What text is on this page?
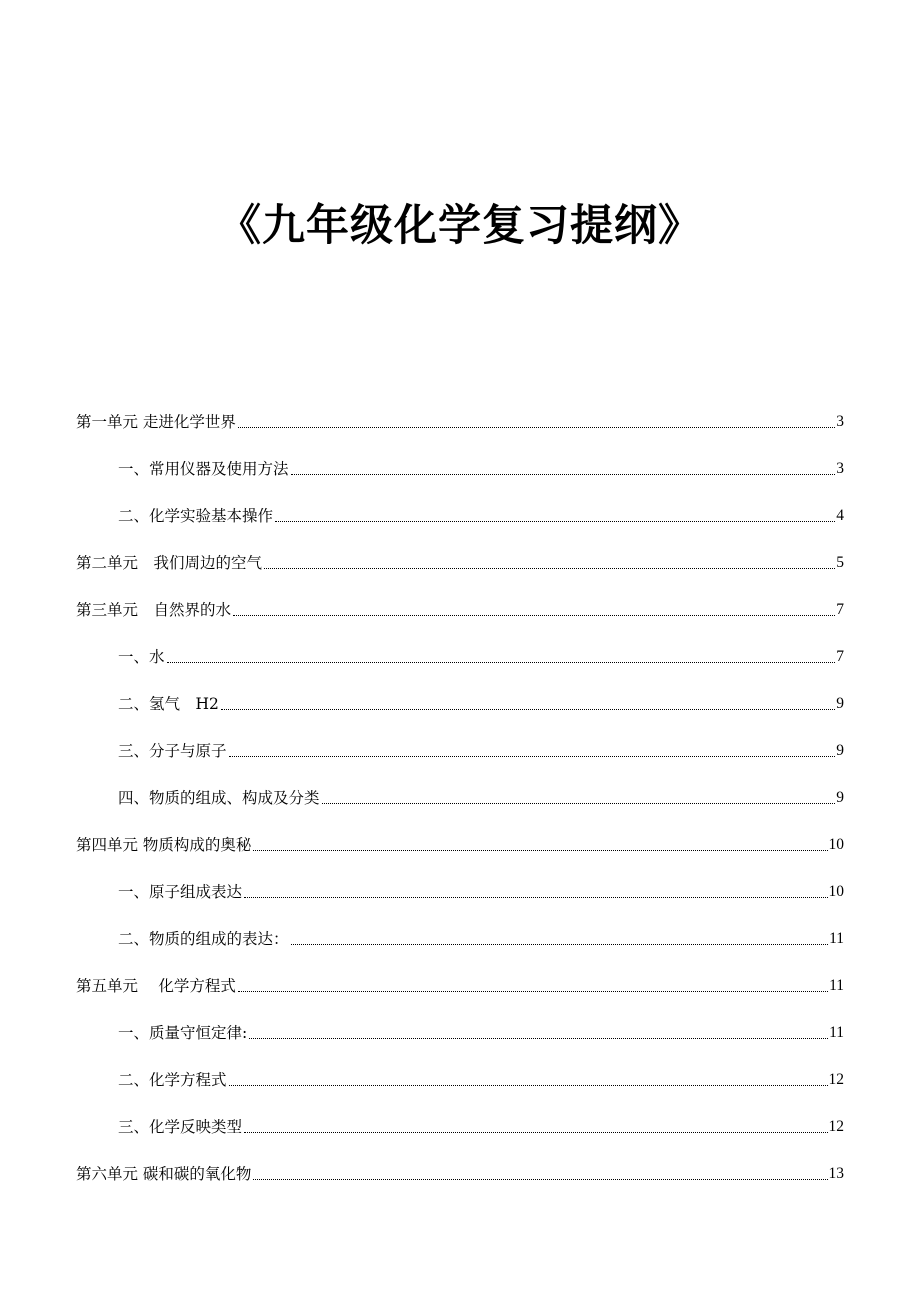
《九年级化学复习提纲》
第一单元 走进化学世界	3
一、常用仪器及使用方法	3
二、化学实验基本操作	4
第二单元　我们周边的空气	5
第三单元　自然界的水	7
一、水	7
二、氢气　H2	9
三、分子与原子	9
四、物质的组成、构成及分类	9
第四单元 物质构成的奥秘	10
一、原子组成表达	10
二、物质的组成的表达：	11
第五单元　 化学方程式	11
一、质量守恒定律:	11
二、化学方程式	12
三、化学反映类型	12
第六单元 碳和碳的氧化物	13
